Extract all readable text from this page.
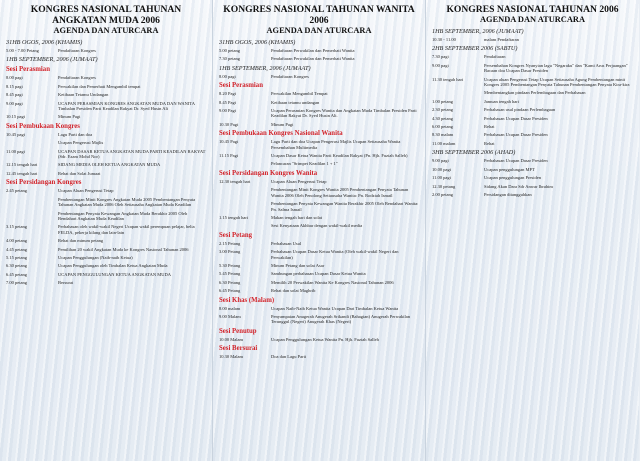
KONGRES NASIONAL TAHUNAN ANGKATAN MUDA 2006
AGENDA DAN ATURCARA
31HB OGOS, 2006 (KHAMIS)
5.00 - 7.00 Petang	Pendaftaran Kongres
1HB SEPTEMBER, 2006 (JUMAAT)
Sesi Perasmian
8.00 pagi	Pendaftaran Kongres
8.15 pagi	Perwakilan dan Pemerhati Mengambil tempat
8.45 pagi	Ketibaan Tetamu Undangan
9.00 pagi	UCAPAN PERASMIAN KONGRES ANGKATAN MUDA DAN WANITA Timbalan Presiden Parti Keadilan Rakyat Dr. Syed Husin Ali
10.15 pagi	Minum Pagi
Sesi Pembukaan Kongres
10.45 pagi	Lagu Parti dan doa
Ucapan Pengerusi Majlis
11.00 pagi	UCAPAN DASAR KETUA ANGKATAN MUDA PARTI KEADILAN RAKYAT (Sdr. Ezam Mohd Nor)
12.15 tengah hari	SIDANG MEDIA OLEH KETUA ANGKATAN MUDA
12.45 tengah hari	Rehat dan Solat Jumaat
Sesi Persidangan Kongres
2.45 petang	Ucapan Aluan Pengerusi Tetap
Pembentangan Minit Kongres Angkatan Muda 2005 Pembentangan Penyata Tahunan Angkatan Muda 2006 Oleh Setiausaha Angkatan Muda Keadilan
Pembentangan Penyata Kewangan Angkatan Muda Berakhir 2005 Oleh Bendahari Angkatan Muda Keadilan
3.15 petang	Perbahasan oleh wakil-wakil Negeri Ucapan wakil perempuan pelajar, belia FELDA, pekerja kilang dan lain-lain
4.00 petang	Rehat dan minum petang
4.45 petang	Pemilihan 20 wakil Angkatan Muda ke Kongres Nasional Tahunan 2006
5.15 petang	Ucapan Penggulungan (Naib-naib Ketua)
6.30 petang	Ucapan Penggulungan oleh Timbalan Ketua Angkatan Muda
6.45 petang	UCAPAN PENGGULUNGAN KETUA ANGKATAN MUDA
7.00 petang	Bersurai
KONGRES NASIONAL TAHUNAN WANITA 2006
AGENDA DAN ATURCARA
31HB OGOS, 2006 (KHAMIS)
5.00 petang	Pendaftaran Perwakilan dan Pemerhati Wanita
7.30 petang	Pendaftaran Perwakilan dan Pemerhati Wanita
1HB SEPTEMBER, 2006 (JUMAAT)
8.00 pagi	Pendaftaran Kongres
Sesi Perasmian
8.20 Pagi	Perwakilan Mengambil Tempat
8.45 Pagi	Ketibaan tetamu undangan
9.00 Pagi	Ucapan Perasmian Kongres Wanita dan Angkatan Muda Timbalan Presiden Parti Keadilan Rakyat Dr. Syed Husin Ali.
10.30 Pagi	Minum Pagi
Sesi Pembukaan Kongres Nasional Wanita
10.45 Pagi	Lagu Parti dan doa Ucapan Pengerusi Majlis Ucapan Setiausaha Wanita Persembahan Multimedia
11.15 Pagi	Ucapan Dasar Ketua Wanita Parti Keadilan Rakyat (Pn. Hjh. Fuziah Salleh)
Pelancaran "Srimpet Keadilan 1 + 1"
Sesi Persidangan Kongres Wanita
12.30 tengah hari	Ucapan Aluan Pengerusi Tetap
Pembentangan Minit Kongres Wanita 2005 Pembentangan Penyata Tahunan Wanita 2006 Oleh Penolong Setiausaha Wanita: Pn. Rodziah Ismail
Pembentangan Penyata Kewangan Wanita Berakhir 2005 Oleh Bendahari Wanita: Pn. Salma Ismail
1.15 tengah hari	Makan tengah hari dan solat
Sesi Kenyataan Akhbar dengan wakil-wakil media
Sesi Petang
2.15 Petang	Perbahasan Usul
3.00 Petang	Perbahasan Ucapan Dasar Ketua Wanita (Oleh wakil-wakil Negeri dan Perwakilan)
5.30 Petang	Minum Petang dan solat Asar
5.45 Petang	Sambungan perbahasan Ucapan Dasar Ketua Wanita
6.30 Petang	Memilih 20 Perwakilan Wanita Ke Kongres Nasional Tahunan 2006
6.45 Petang	Rehat dan solat Maghrib
Sesi Khas (Malam)
8.00 malam	Ucapan Naib-Naib Ketua Wanita Ucapan Dari Timbalan Ketua Wanita
9.00 Malam	Penyampaian Anugerah Anugerah Srikandi (Bahagian) Anugerah Perwakilan Terunggul (Negeri) Anugerah Khas (Negeri)
Sesi Penutup
10.00 Malam	Ucapan Penggulungan Ketua Wanita Pn. Hjh. Fuziah Salleh
Sesi Bersurai
10.30 Malam	Doa dan Lagu Parti
KONGRES NASIONAL TAHUNAN 2006
AGENDA DAN ATURCARA
1HB SEPTEMBER, 2006 (JUMAAT)
10.30 - 11.00	malam Pendaftaran
2HB SEPTEMBER 2006 (SABTU)
7.30 pagi	Pendaftaran
9.00 pagi	Persembahan Kongres Nyanyian lagu "Negaraku" dan "Kami Arus Perjuangan" Bacaan doa Ucapan Dasar Presiden
11.30 tengah hari	Ucapan aluan Pengerusi Tetap Ucapan Setiausaha Agung Pembentangan minit Kongres 2005 Pembentangan Penyata Tahunan Pembentangan Penyata Kira-kira
Membentangkan pindaan Perlembagaan dan Perbahasan
1.00 petang	Jamuan tengah hari
2.30 petang	Perbahasan usul pindaan Perlembagaan
4.30 petang	Perbahasan Ucapan Dasar Presiden
6.00 petang	Rehat
8.30 malam	Perbahasan Ucapan Dasar Presiden
11.00 malam	Rehat
3HB SEPTEMBER 2006 (AHAD)
9.00 pagi	Perbahasan Ucapan Dasar Presiden
10.00 pagi	Ucapan penggulungan MPT
11.00 pagi	Ucapan penggulungan Presiden
12.30 petang	Sidang Akan Dara Sdr Anwar Ibrahim
2.00 petang	Persidangan ditangguhkan
